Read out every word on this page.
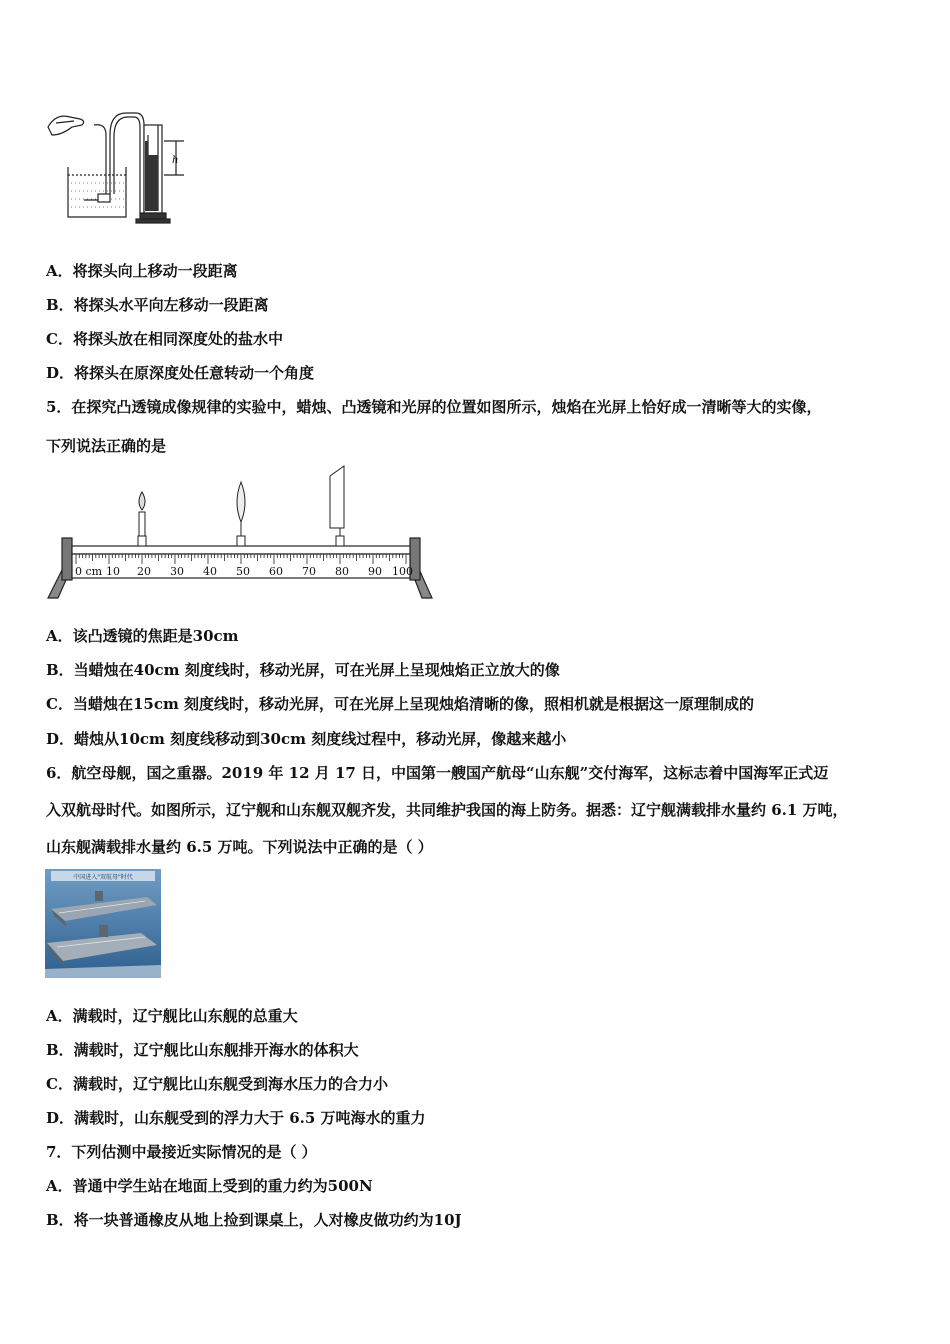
h
A．将探头向上移动一段距离
B．将探头水平向左移动一段距离
C．将探头放在相同深度处的盐水中
D．将探头在原深度处任意转动一个角度
5．在探究凸透镜成像规律的实验中，蜡烛、凸透镜和光屏的位置如图所示，烛焰在光屏上恰好成一清晰等大的实像，
下列说法正确的是
0 cm 10 20 30 40 50 60 70 80 90 100
A．该凸透镜的焦距是30cm
B．当蜡烛在40cm 刻度线时，移动光屏，可在光屏上呈现烛焰正立放大的像
C．当蜡烛在15cm 刻度线时，移动光屏，可在光屏上呈现烛焰清晰的像，照相机就是根据这一原理制成的
D．蜡烛从10cm 刻度线移动到30cm 刻度线过程中，移动光屏，像越来越小
6．航空母舰，国之重器。2019 年 12 月 17 日，中国第一艘国产航母“山东舰”交付海军，这标志着中国海军正式迈
入双航母时代。如图所示，辽宁舰和山东舰双舰齐发，共同维护我国的海上防务。据悉：辽宁舰满载排水量约 6.1 万吨，
山东舰满载排水量约 6.5 万吨。下列说法中正确的是（ ）
中国进入"双航母"时代
A．满载时，辽宁舰比山东舰的总重大
B．满载时，辽宁舰比山东舰排开海水的体积大
C．满载时，辽宁舰比山东舰受到海水压力的合力小
D．满载时，山东舰受到的浮力大于 6.5 万吨海水的重力
7．下列估测中最接近实际情况的是（ ）
A．普通中学生站在地面上受到的重力约为500N
B．将一块普通橡皮从地上捡到课桌上，人对橡皮做功约为10J
